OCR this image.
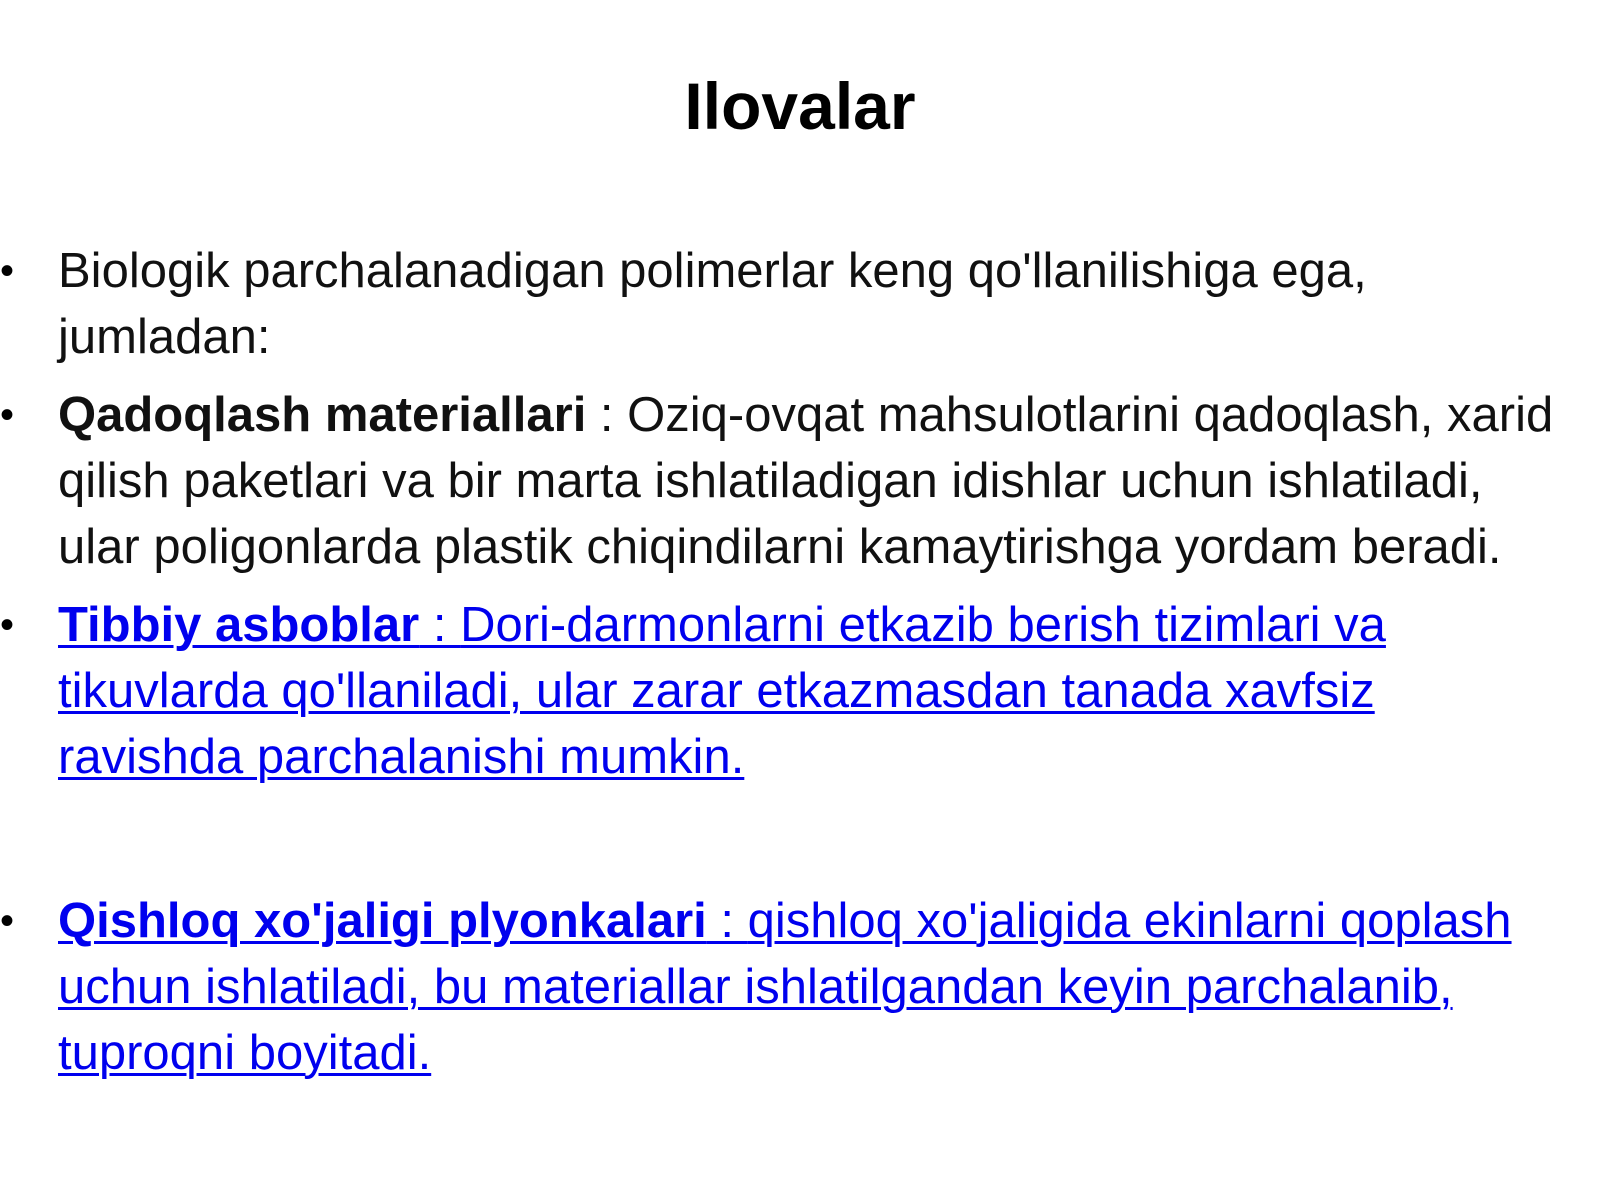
Ilovalar
• Biologik parchalanadigan polimerlar keng qo'llanilishiga ega, jumladan:
• Qadoqlash materiallari : Oziq-ovqat mahsulotlarini qadoqlash, xarid qilish paketlari va bir marta ishlatiladigan idishlar uchun ishlatiladi, ular poligonlarda plastik chiqindilarni kamaytirishga yordam beradi.
• Tibbiy asboblar : Dori-darmonlarni etkazib berish tizimlari va tikuvlarda qo'llaniladi, ular zarar etkazmasdan tanada xavfsiz ravishda parchalanishi mumkin.
• Qishloq xo'jaligi plyonkalari : qishloq xo'jaligida ekinlarni qoplash uchun ishlatiladi, bu materiallar ishlatilgandan keyin parchalanib, tuproqni boyitadi.
